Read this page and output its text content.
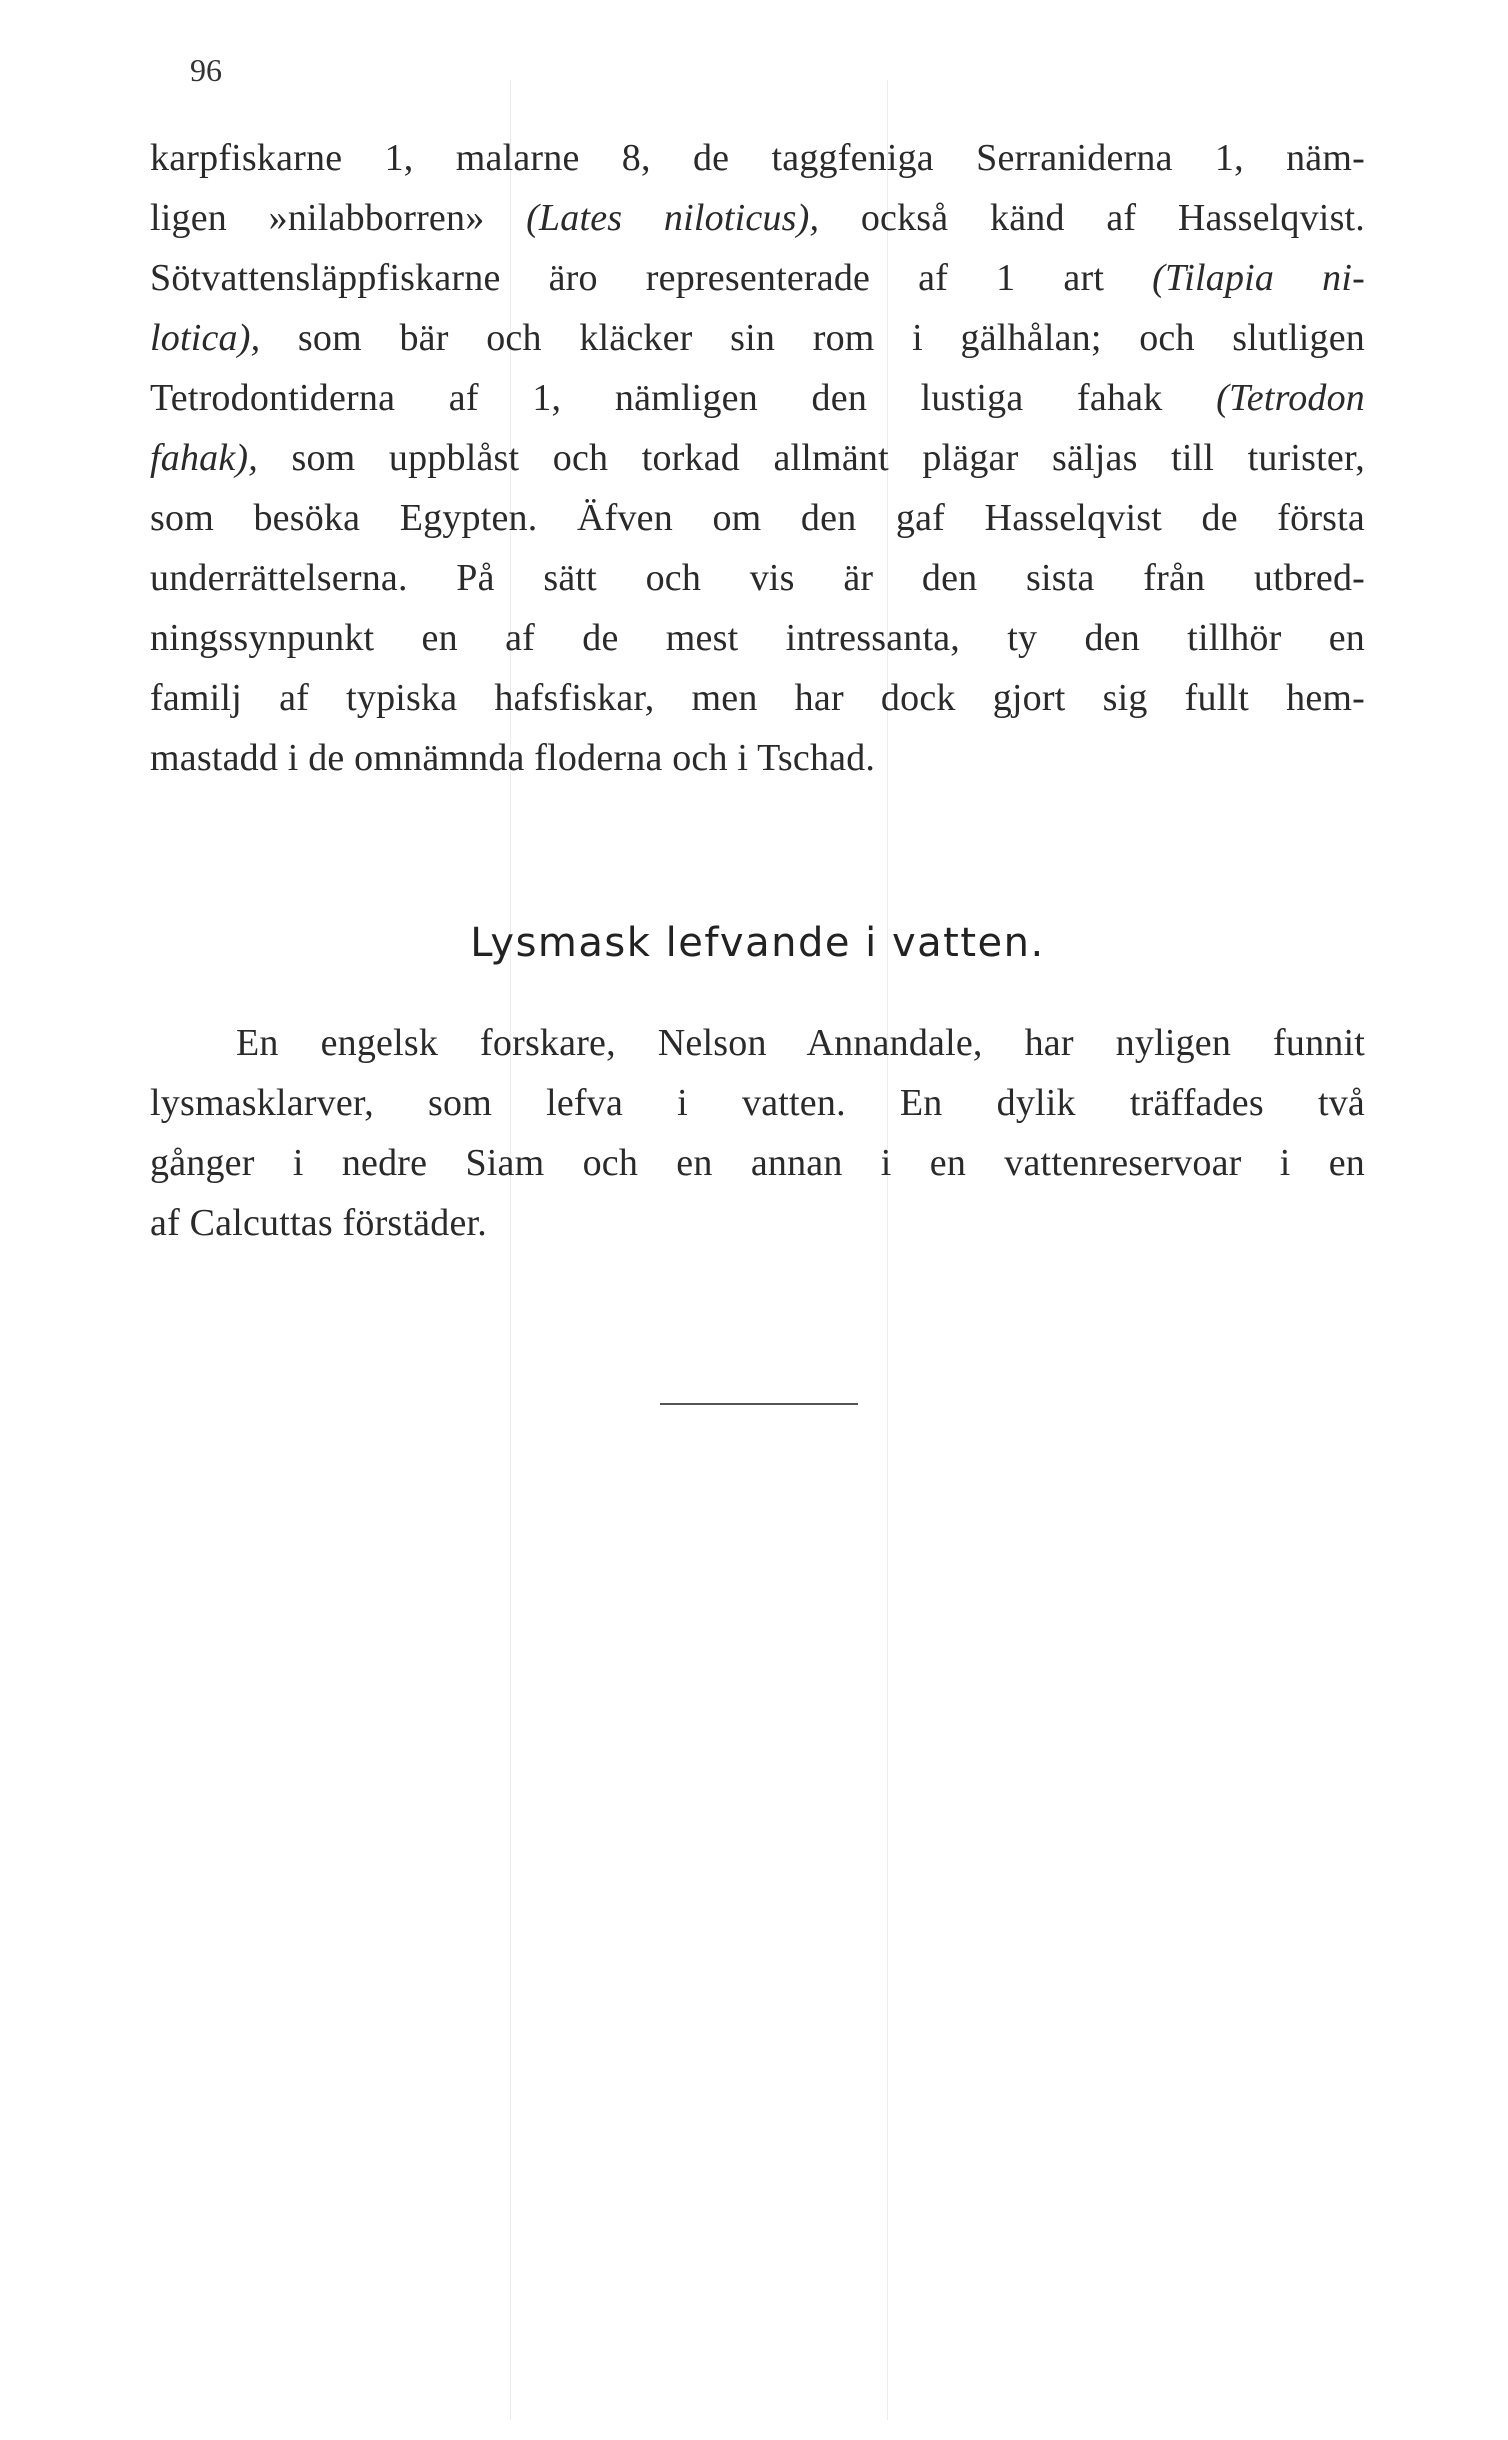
96
karpfiskarne 1, malarne 8, de taggfeniga Serraniderna 1, näm-
ligen »nilabborren» (Lates niloticus), också känd af Hasselqvist.
Sötvattensläppfiskarne äro representerade af 1 art (Tilapia ni-
lotica), som bär och kläcker sin rom i gälhålan; och slutligen
Tetrodontiderna af 1, nämligen den lustiga fahak (Tetrodon
fahak), som uppblåst och torkad allmänt plägar säljas till turister,
som besöka Egypten. Äfven om den gaf Hasselqvist de första
underrättelserna. På sätt och vis är den sista från utbred-
ningssynpunkt en af de mest intressanta, ty den tillhör en
familj af typiska hafsfiskar, men har dock gjort sig fullt hem-
mastadd i de omnämnda floderna och i Tschad.
Lysmask lefvande i vatten.
En engelsk forskare, Nelson Annandale, har nyligen funnit
lysmasklarver, som lefva i vatten. En dylik träffades två
gånger i nedre Siam och en annan i en vattenreservoar i en
af Calcuttas förstäder.
